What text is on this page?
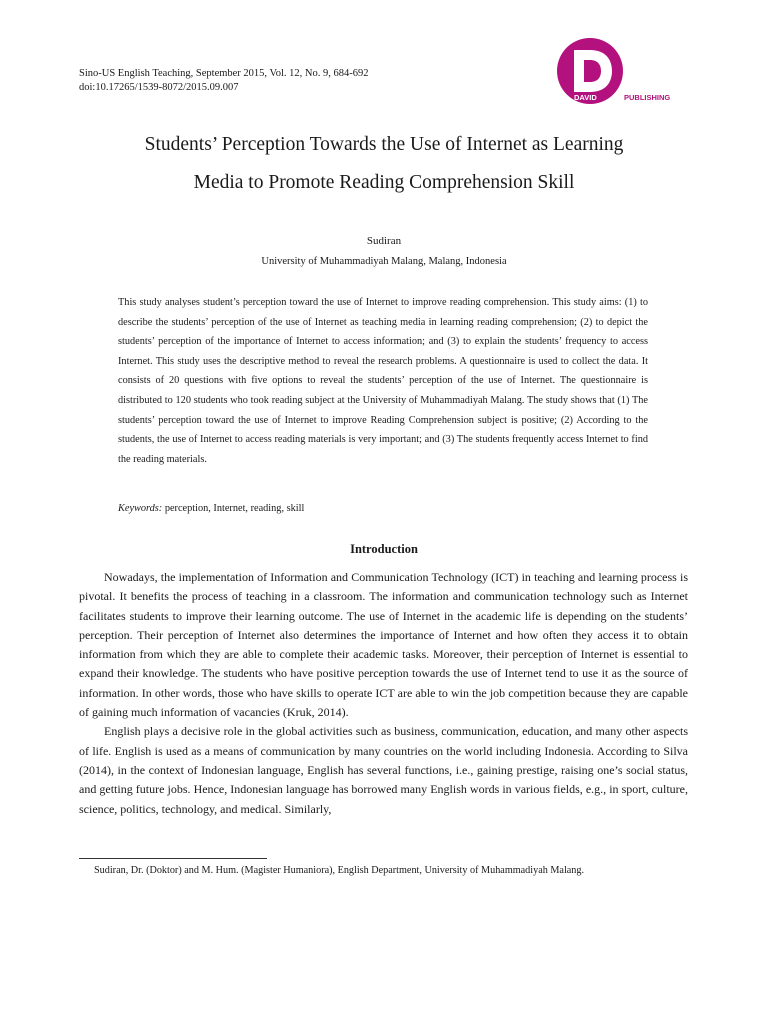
Sino-US English Teaching, September 2015, Vol. 12, No. 9, 684-692
doi:10.17265/1539-8072/2015.09.007
DAVID	PUBLISHING
Students’ Perception Towards the Use of Internet as Learning
Media to Promote Reading Comprehension Skill
Sudiran
University of Muhammadiyah Malang, Malang, Indonesia
This study analyses student’s perception toward the use of Internet to improve reading comprehension. This study aims: (1) to describe the students’ perception of the use of Internet as teaching media in learning reading comprehension; (2) to depict the students’ perception of the importance of Internet to access information; and (3) to explain the students’ frequency to access Internet. This study uses the descriptive method to reveal the research problems. A questionnaire is used to collect the data. It consists of 20 questions with five options to reveal the students’ perception of the use of Internet. The questionnaire is distributed to 120 students who took reading subject at the University of Muhammadiyah Malang. The study shows that (1) The students’ perception toward the use of Internet to improve Reading Comprehension subject is positive; (2) According to the students, the use of Internet to access reading materials is very important; and (3) The students frequently access Internet to find the reading materials.
Keywords: perception, Internet, reading, skill
Introduction

Nowadays, the implementation of Information and Communication Technology (ICT) in teaching and learning process is pivotal. It benefits the process of teaching in a classroom. The information and communication technology such as Internet facilitates students to improve their learning outcome. The use of Internet in the academic life is depending on the students’ perception. Their perception of Internet also determines the importance of Internet and how often they access it to obtain information from which they are able to complete their academic tasks. Moreover, their perception of Internet is essential to expand their knowledge. The students who have positive perception towards the use of Internet tend to use it as the source of information. In other words, those who have skills to operate ICT are able to win the job competition because they are capable of gaining much information of vacancies (Kruk, 2014).

English plays a decisive role in the global activities such as business, communication, education, and many other aspects of life. English is used as a means of communication by many countries on the world including Indonesia. According to Silva (2014), in the context of Indonesian language, English has several functions, i.e., gaining prestige, raising one’s social status, and getting future jobs. Hence, Indonesian language has borrowed many English words in various fields, e.g., in sport, culture, science, politics, technology, and medical. Similarly,

Sudiran, Dr. (Doktor) and M. Hum. (Magister Humaniora), English Department, University of Muhammadiyah Malang.
